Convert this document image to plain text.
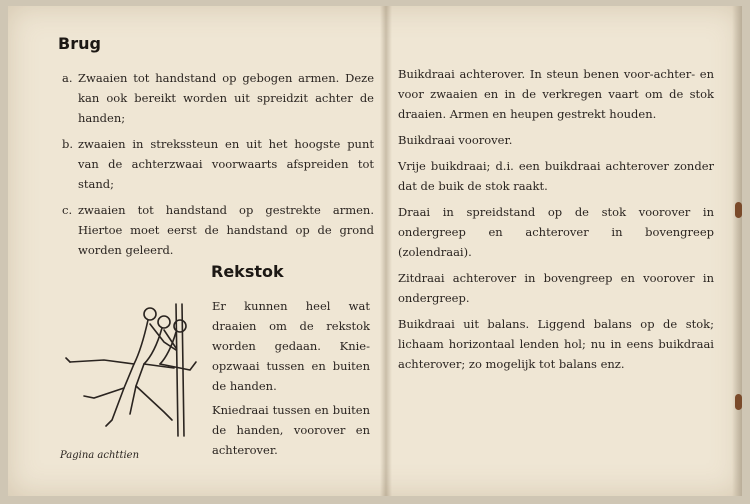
Brug
a. Zwaaien tot handstand op gebogen armen. Deze kan ook bereikt worden uit spreidzit achter de handen;
b. zwaaien in strekssteun en uit het hoogste punt van de achterzwaai voorwaarts afspreiden tot stand;
c. zwaaien tot handstand op gestrekte armen. Hiertoe moet eerst de handstand op de grond worden geleerd.
Rekstok

Er kunnen heel wat draaien om de rekstok worden gedaan. Knie-opzwaai tussen en buiten de handen.

Kniedraai tussen en buiten de handen, voorover en achterover.

Buikdraai achterover. In steun benen voor-achter- en voor zwaaien en in de verkregen vaart om de stok draaien. Armen en heupen gestrekt houden.

Buikdraai voorover.

Vrije buikdraai; d.i. een buikdraai achterover zonder dat de buik de stok raakt.

Draai in spreidstand op de stok voorover in ondergreep en achterover in bovengreep (zolendraai).

Zitdraai achterover in bovengreep en voorover in ondergreep.

Buikdraai uit balans. Liggend balans op de stok; lichaam horizontaal lenden hol; nu in eens buikdraai achterover; zo mogelijk tot balans enz.

Pagina achttien
